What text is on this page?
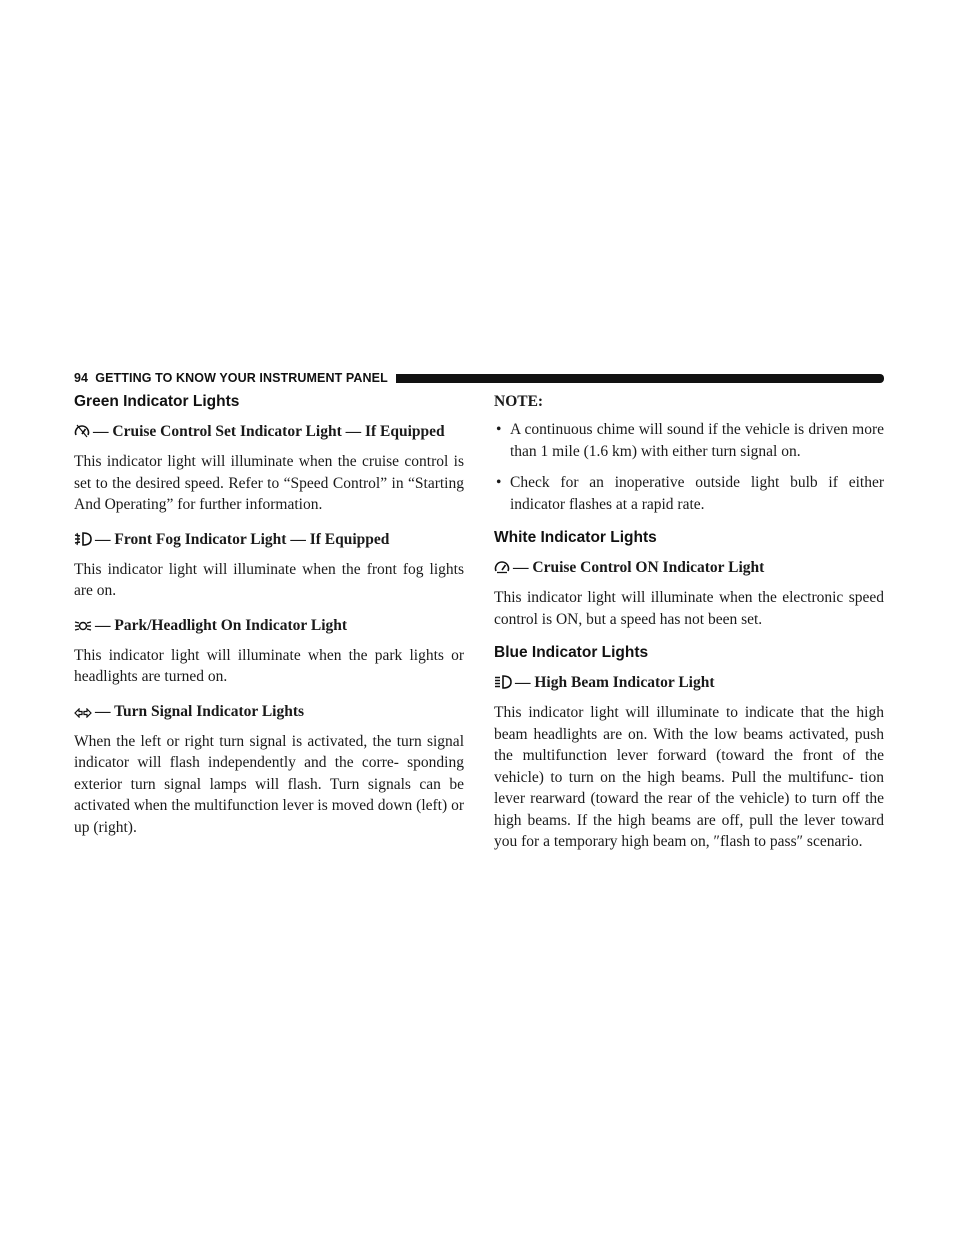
94 GETTING TO KNOW YOUR INSTRUMENT PANEL
Green Indicator Lights
— Cruise Control Set Indicator Light — If Equipped

This indicator light will illuminate when the cruise control is set to the desired speed. Refer to “Speed Control” in “Starting And Operating” for further information.

— Front Fog Indicator Light — If Equipped

This indicator light will illuminate when the front fog lights are on.

— Park/Headlight On Indicator Light

This indicator light will illuminate when the park lights or headlights are turned on.

— Turn Signal Indicator Lights

When the left or right turn signal is activated, the turn signal indicator will flash independently and the corre- sponding exterior turn signal lamps will flash. Turn signals can be activated when the multifunction lever is moved down (left) or up (right).

NOTE:
• A continuous chime will sound if the vehicle is driven more than 1 mile (1.6 km) with either turn signal on.
• Check for an inoperative outside light bulb if either indicator flashes at a rapid rate.
White Indicator Lights
— Cruise Control ON Indicator Light

This indicator light will illuminate when the electronic speed control is ON, but a speed has not been set.

Blue Indicator Lights
— High Beam Indicator Light

This indicator light will illuminate to indicate that the high beam headlights are on. With the low beams activated, push the multifunction lever forward (toward the front of the vehicle) to turn on the high beams. Pull the multifunc- tion lever rearward (toward the rear of the vehicle) to turn off the high beams. If the high beams are off, pull the lever toward you for a temporary high beam on, ″flash to pass″ scenario.
